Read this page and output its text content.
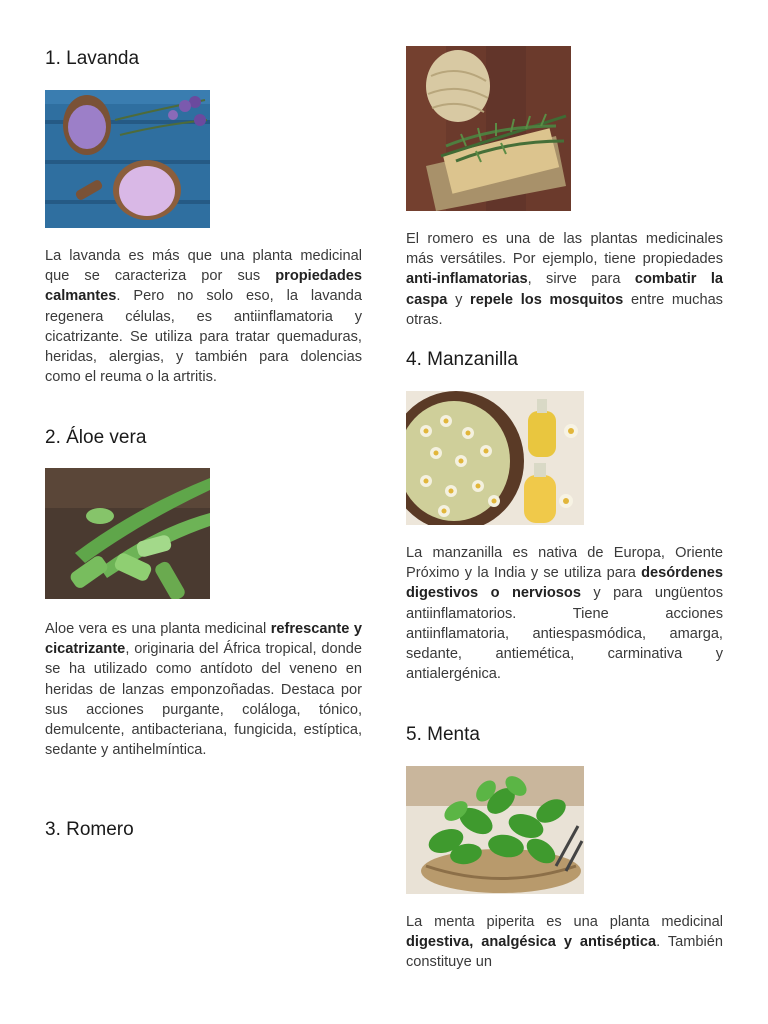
1. Lavanda

La lavanda es más que una planta medicinal que se caracteriza por sus propiedades calmantes. Pero no solo eso, la lavanda regenera células, es antiinflamatoria y cicatrizante. Se utiliza para tratar quemaduras, heridas, alergias, y también para dolencias como el reuma o la artritis.

2. Áloe vera

Aloe vera es una planta medicinal refrescante y cicatrizante, originaria del África tropical, donde se ha utilizado como antídoto del veneno en heridas de lanzas emponzoñadas. Destaca por sus acciones purgante, colálogа, tónico, demulcente, antibacteriana, fungicida, estíptica, sedante y antihelmíntica.

3. Romero

El romero es una de las plantas medicinales más versátiles. Por ejemplo, tiene propiedades anti-inflamatorias, sirve para combatir la caspa y repele los mosquitos entre muchas otras.

4. Manzanilla

La manzanilla es nativa de Europa, Oriente Próximo y la India y se utiliza para desórdenes digestivos o nerviosos y para ungüentos antiinflamatorios. Tiene acciones antiinflamatoria, antiespasmódica, amarga, sedante, antiemética, carminativa y antialergénica.

5. Menta

La menta piperita es una planta medicinal digestiva, analgésica y antiséptica. También constituye un
